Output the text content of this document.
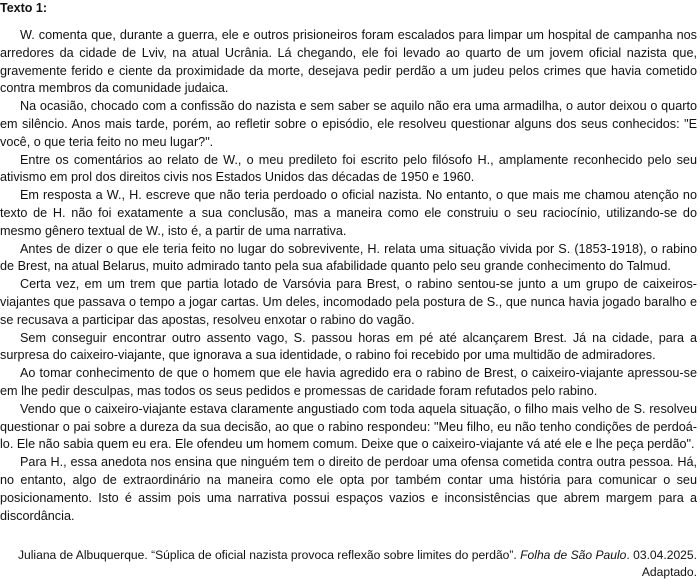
Texto 1:

W. comenta que, durante a guerra, ele e outros prisioneiros foram escalados para limpar um hospital de campanha nos arredores da cidade de Lviv, na atual Ucrânia. Lá chegando, ele foi levado ao quarto de um jovem oficial nazista que, gravemente ferido e ciente da proximidade da morte, desejava pedir perdão a um judeu pelos crimes que havia cometido contra membros da comunidade judaica.

Na ocasião, chocado com a confissão do nazista e sem saber se aquilo não era uma armadilha, o autor deixou o quarto em silêncio. Anos mais tarde, porém, ao refletir sobre o episódio, ele resolveu questionar alguns dos seus conhecidos: "E você, o que teria feito no meu lugar?".

Entre os comentários ao relato de W., o meu predileto foi escrito pelo filósofo H., amplamente reconhecido pelo seu ativismo em prol dos direitos civis nos Estados Unidos das décadas de 1950 e 1960.

Em resposta a W., H. escreve que não teria perdoado o oficial nazista. No entanto, o que mais me chamou atenção no texto de H. não foi exatamente a sua conclusão, mas a maneira como ele construiu o seu raciocínio, utilizando-se do mesmo gênero textual de W., isto é, a partir de uma narrativa.

Antes de dizer o que ele teria feito no lugar do sobrevivente, H. relata uma situação vivida por S. (1853-1918), o rabino de Brest, na atual Belarus, muito admirado tanto pela sua afabilidade quanto pelo seu grande conhecimento do Talmud.

Certa vez, em um trem que partia lotado de Varsóvia para Brest, o rabino sentou-se junto a um grupo de caixeiros-viajantes que passava o tempo a jogar cartas. Um deles, incomodado pela postura de S., que nunca havia jogado baralho e se recusava a participar das apostas, resolveu enxotar o rabino do vagão.

Sem conseguir encontrar outro assento vago, S. passou horas em pé até alcançarem Brest. Já na cidade, para a surpresa do caixeiro-viajante, que ignorava a sua identidade, o rabino foi recebido por uma multidão de admiradores.

Ao tomar conhecimento de que o homem que ele havia agredido era o rabino de Brest, o caixeiro-viajante apressou-se em lhe pedir desculpas, mas todos os seus pedidos e promessas de caridade foram refutados pelo rabino.

Vendo que o caixeiro-viajante estava claramente angustiado com toda aquela situação, o filho mais velho de S. resolveu questionar o pai sobre a dureza da sua decisão, ao que o rabino respondeu: "Meu filho, eu não tenho condições de perdoá-lo. Ele não sabia quem eu era. Ele ofendeu um homem comum. Deixe que o caixeiro-viajante vá até ele e lhe peça perdão".

Para H., essa anedota nos ensina que ninguém tem o direito de perdoar uma ofensa cometida contra outra pessoa. Há, no entanto, algo de extraordinário na maneira como ele opta por também contar uma história para comunicar o seu posicionamento. Isto é assim pois uma narrativa possui espaços vazios e inconsistências que abrem margem para a discordância.

Juliana de Albuquerque. “Súplica de oficial nazista provoca reflexão sobre limites do perdão”. Folha de São Paulo. 03.04.2025.
Adaptado.
